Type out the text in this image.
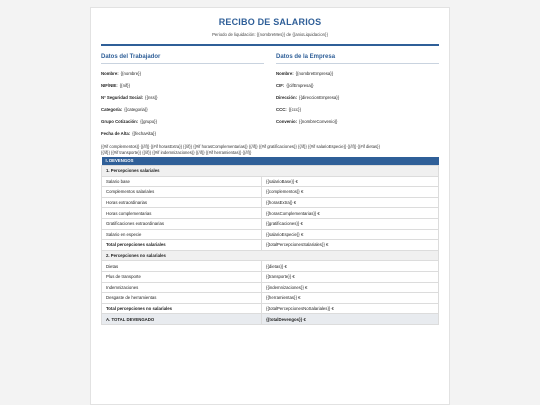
RECIBO DE SALARIOS
Periodo de liquidación: {{nombreMes}} de {{anioLiquidacion}}
Datos del Trabajador
Nombre: {{nombre}}
NIF/NIE: {{nif}}
Nº Seguridad Social: {{nss}}
Categoría: {{categoria}}
Grupo Cotización: {{grupo}}
Fecha de Alta: {{fechaAlta}}
Datos de la Empresa
Nombre: {{nombreEmpresa}}
CIF: {{cifEmpresa}}
Dirección: {{direccionEmpresa}}
CCC: {{ccc}}
Convenio: {{nombreConvenio}}
{{#if complementos}} {{/if}} {{#if horasExtra}} {{/if}} {{#if horasComplementarias}} {{/if}} {{#if gratificaciones}} {{/if}} {{#if salarioEspecie}} {{/if}} {{#if dietas}}
{{/if}} {{#if transporte}} {{/if}} {{#if indemnizaciones}} {{/if}} {{#if herramientas}} {{/if}}
I. DEVENGOS	
1. Percepciones salariales	
Salario base	{{salarioBase}} €
Complementos salariales	{{complementos}} €
Horas extraordinarias	{{horasExtra}} €
Horas complementarias	{{horasComplementarias}} €
Gratificaciones extraordinarias	{{gratificaciones}} €
Salario en especie	{{salarioEspecie}} €
Total percepciones salariales	{{totalPercepcionesSalariales}} €
2. Percepciones no salariales	
Dietas	{{dietas}} €
Plus de transporte	{{transporte}} €
Indemnizaciones	{{indemnizaciones}} €
Desgaste de herramientas	{{herramientas}} €
Total percepciones no salariales	{{totalPercepcionesNoSalariales}} €
A. TOTAL DEVENGADO	{{totalDevengos}} €
